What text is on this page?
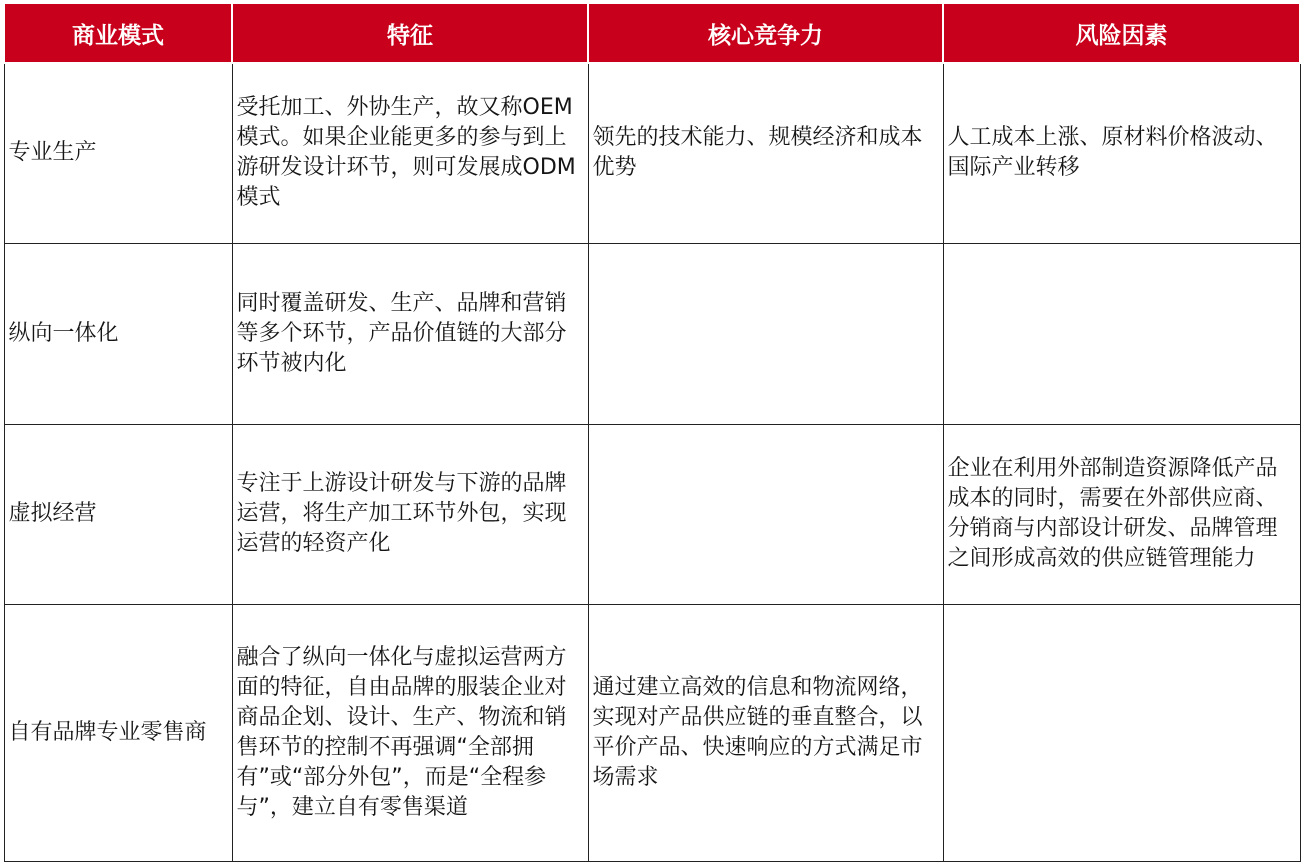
商业模式	特征	核心竞争力	风险因素
专业生产	受托加工、外协生产，故又称OEM模式。如果企业能更多的参与到上游研发设计环节，则可发展成ODM模式	领先的技术能力、规模经济和成本优势	人工成本上涨、原材料价格波动、国际产业转移
纵向一体化	同时覆盖研发、生产、品牌和营销等多个环节，产品价值链的大部分环节被内化		
虚拟经营	专注于上游设计研发与下游的品牌运营，将生产加工环节外包，实现运营的轻资产化		企业在利用外部制造资源降低产品成本的同时，需要在外部供应商、分销商与内部设计研发、品牌管理之间形成高效的供应链管理能力
自有品牌专业零售商	融合了纵向一体化与虚拟运营两方面的特征，自由品牌的服装企业对商品企划、设计、生产、物流和销售环节的控制不再强调“全部拥有”或“部分外包”，而是“全程参与”，建立自有零售渠道	通过建立高效的信息和物流网络，实现对产品供应链的垂直整合，以平价产品、快速响应的方式满足市场需求	
